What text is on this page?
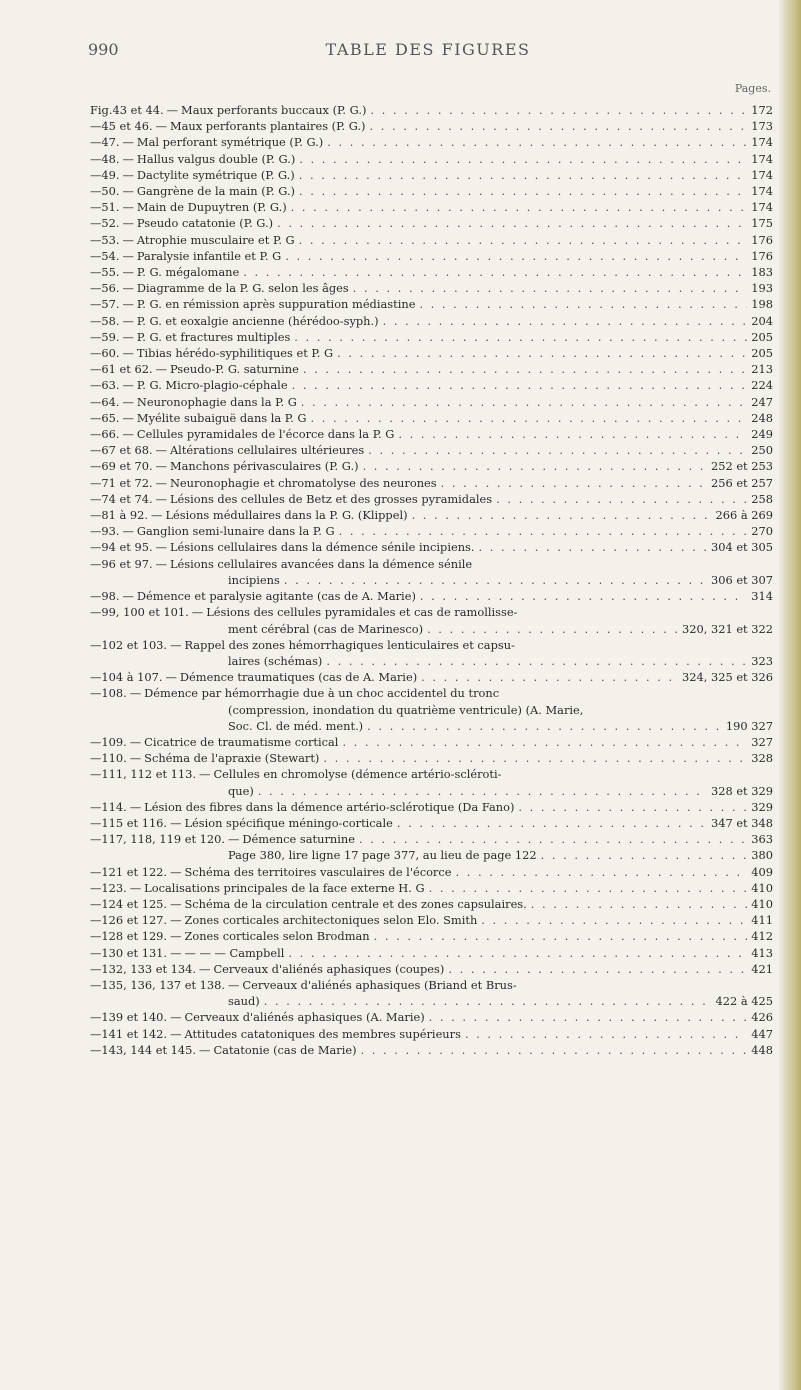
990	TABLE DES FIGURES
Pages.
Fig. 43 et 44. — Maux perforants buccaux (P. G.) . . .	172
— 45 et 46. — Maux perforants plantaires (P. G.) . . .	173
— 47. — Mal perforant symétrique (P. G.) . . .	174
— 48. — Hallus valgus double (P. G.) . . .	174
— 49. — Dactylite symétrique (P. G.) . . .	174
— 50. — Gangrène de la main (P. G.) . . .	174
— 51. — Main de Dupuytren (P. G.) . . .	174
— 52. — Pseudo catatonie (P. G.) . . .	175
— 53. — Atrophie musculaire et P. G . . .	176
— 54. — Paralysie infantile et P. G . . .	176
— 55. — P. G. mégalomane . . .	183
— 56. — Diagramme de la P. G. selon les âges . . .	193
— 57. — P. G. en rémission après suppuration médiastine . . .	198
— 58. — P. G. et eoxalgie ancienne (hérédoo-syph.) . . .	204
— 59. — P. G. et fractures multiples . . .	205
— 60. — Tibias hérédo-syphilitiques et P. G . . .	205
— 61 et 62. — Pseudo-P. G. saturnine . . .	213
— 63. — P. G. Micro-plagio-céphale . . .	224
— 64. — Neuronophagie dans la P. G . . .	247
— 65. — Myélite subaiguë dans la P. G . . .	248
— 66. — Cellules pyramidales de l'écorce dans la P. G . . .	249
— 67 et 68. — Altérations cellulaires ultérieures . . .	250
— 69 et 70. — Manchons périvasculaires (P. G.) . . .	252 et 253
— 71 et 72. — Neuronophagie et chromatolyse des neurones . . .	256 et 257
— 74 et 74. — Lésions des cellules de Betz et des grosses pyramidales . . .	258
— 81 à 92. — Lésions médullaires dans la P. G. (Klippel) . . .	266 à 269
— 93. — Ganglion semi-lunaire dans la P. G . . .	270
— 94 et 95. — Lésions cellulaires dans la démence sénile incipiens. . . .	304 et 305
— 96 et 97. — Lésions cellulaires avancées dans la démence sénile
incipiens . . .	306 et 307
— 98. — Démence et paralysie agitante (cas de A. Marie) . . .	314
— 99, 100 et 101. — Lésions des cellules pyramidales et cas de ramollisse-
ment cérébral (cas de Marinesco) . . .	320, 321 et 322
— 102 et 103. — Rappel des zones hémorrhagiques lenticulaires et capsu-
laires (schémas) . . .	323
— 104 à 107. — Démence traumatiques (cas de A. Marie) . . .	324, 325 et 326
— 108. — Démence par hémorrhagie due à un choc accidentel du tronc
(compression, inondation du quatrième ventricule) (A. Marie,
Soc. Cl. de méd. ment.) . . .	190 327
— 109. — Cicatrice de traumatisme cortical . . .	327
— 110. — Schéma de l'apraxie (Stewart) . . .	328
— 111, 112 et 113. — Cellules en chromolyse (démence artério-scléroti-
que) . . .	328 et 329
— 114. — Lésion des fibres dans la démence artério-sclérotique (Da Fano) . . .	329
— 115 et 116. — Lésion spécifique méningo-corticale . . .	347 et 348
— 117, 118, 119 et 120. — Démence saturnine . . .	363
Page 380, lire ligne 17 page 377, au lieu de page 122 . . .	380
— 121 et 122. — Schéma des territoires vasculaires de l'écorce . . .	409
— 123. — Localisations principales de la face externe H. G . . .	410
— 124 et 125. — Schéma de la circulation centrale et des zones capsulaires. . . .	410
— 126 et 127. — Zones corticales architectoniques selon Elo. Smith . . .	411
— 128 et 129. — Zones corticales selon Brodman . . .	412
— 130 et 131. — — — — Campbell . . .	413
— 132, 133 et 134. — Cerveaux d'aliénés aphasiques (coupes) . . .	421
— 135, 136, 137 et 138. — Cerveaux d'aliénés aphasiques (Briand et Brus-
saud) . . .	422 à 425
— 139 et 140. — Cerveaux d'aliénés aphasiques (A. Marie) . . .	426
— 141 et 142. — Attitudes catatoniques des membres supérieurs . . .	447
— 143, 144 et 145. — Catatonie (cas de Marie) . . .	448
